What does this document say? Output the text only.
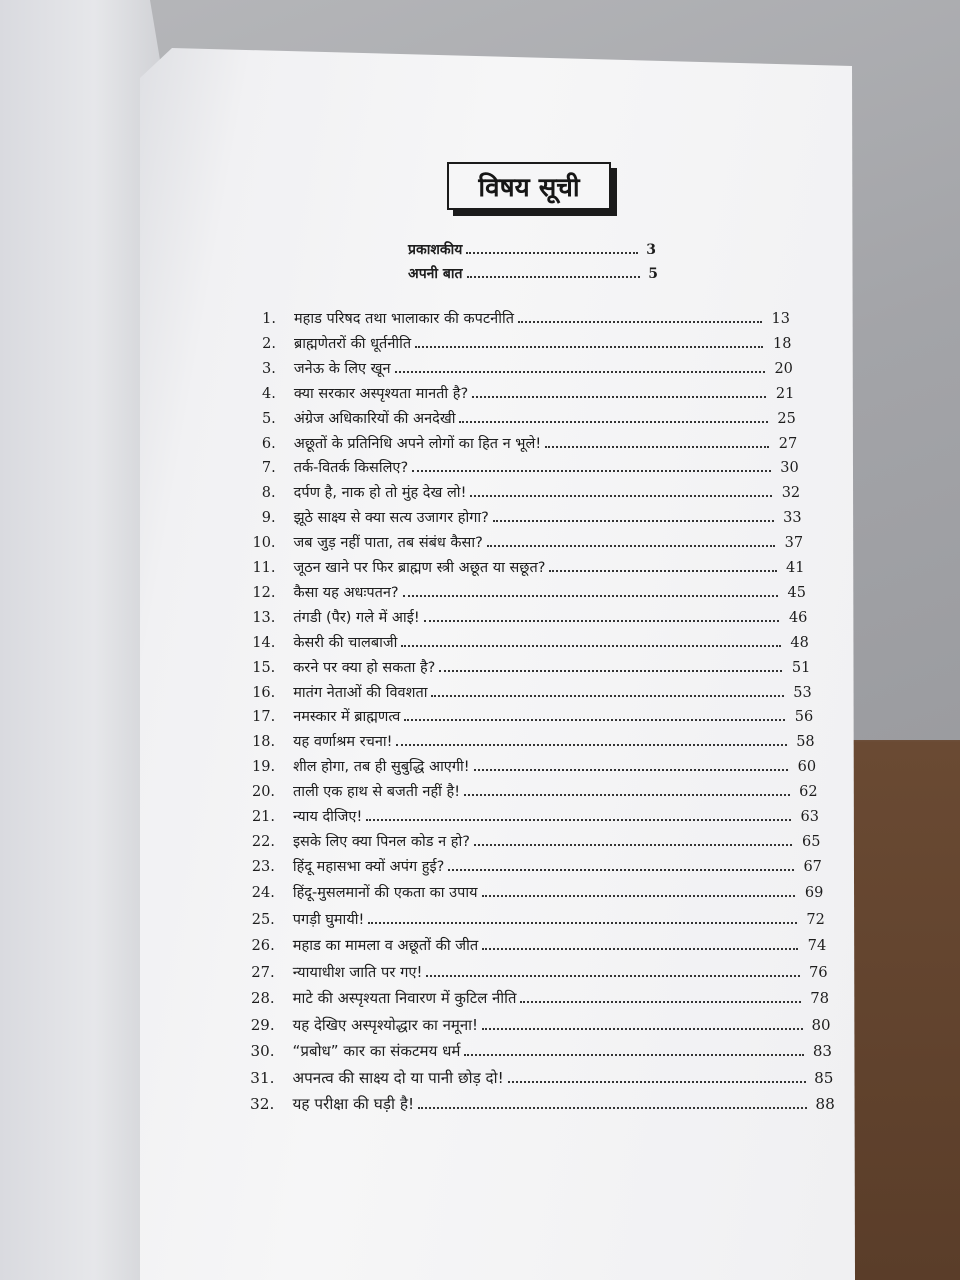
विषय सूची
प्रकाशकीय	3
अपनी बात	5
1. महाड परिषद तथा भालाकार की कपटनीति	13
2. ब्राह्मणेतरों की धूर्तनीति	18
3. जनेऊ के लिए खून	20
4. क्या सरकार अस्पृश्यता मानती है?	21
5. अंग्रेज अधिकारियों की अनदेखी	25
6. अछूतों के प्रतिनिधि अपने लोगों का हित न भूले!	27
7. तर्क-वितर्क किसलिए?	30
8. दर्पण है, नाक हो तो मुंह देख लो!	32
9. झूठे साक्ष्य से क्या सत्य उजागर होगा?	33
10. जब जुड़ नहीं पाता, तब संबंध कैसा?	37
11. जूठन खाने पर फिर ब्राह्मण स्त्री अछूत या सछूत?	41
12. कैसा यह अधःपतन?	45
13. तंगडी (पैर) गले में आई!	46
14. केसरी की चालबाजी	48
15. करने पर क्या हो सकता है?	51
16. मातंग नेताओं की विवशता	53
17. नमस्कार में ब्राह्मणत्व	56
18. यह वर्णाश्रम रचना!	58
19. शील होगा, तब ही सुबुद्धि आएगी!	60
20. ताली एक हाथ से बजती नहीं है!	62
21. न्याय दीजिए!	63
22. इसके लिए क्या पिनल कोड न हो?	65
23. हिंदू महासभा क्यों अपंग हुई?	67
24. हिंदू-मुसलमानों की एकता का उपाय	69
25. पगड़ी घुमायी!	72
26. महाड का मामला व अछूतों की जीत	74
27. न्यायाधीश जाति पर गए!	76
28. माटे की अस्पृश्यता निवारण में कुटिल नीति	78
29. यह देखिए अस्पृश्योद्धार का नमूना!	80
30. “प्रबोध” कार का संकटमय धर्म	83
31. अपनत्व की साक्ष्य दो या पानी छोड़ दो!	85
32. यह परीक्षा की घड़ी है!	88
